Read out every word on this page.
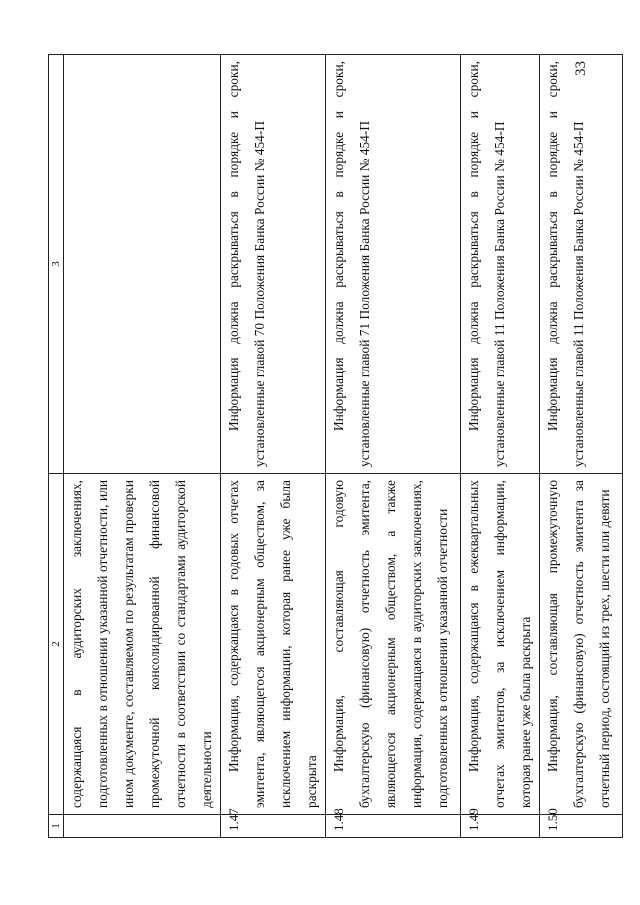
33
1	2	3
	содержащаяся в аудиторских заключениях, подготовленных в отношении указанной отчетности, или ином документе, составляемом по результатам проверки промежуточной консолидированной финансовой отчетности в соответствии со стандартами аудиторской деятельности	
1.47	Информация, содержащаяся в годовых отчетах эмитента, являющегося акционерным обществом, за исключением информации, которая ранее уже была раскрыта	Информация должна раскрываться в порядке и сроки, установленные главой 70 Положения Банка России № 454-П
1.48	Информация, составляющая годовую бухгалтерскую (финансовую) отчетность эмитента, являющегося акционерным обществом, а также информация, содержащаяся в аудиторских заключениях, подготовленных в отношении указанной отчетности	Информация должна раскрываться в порядке и сроки, установленные главой 71 Положения Банка России № 454-П
1.49	Информация, содержащаяся в ежеквартальных отчетах эмитентов, за исключением информации, которая ранее уже была раскрыта	Информация должна раскрываться в порядке и сроки, установленные главой 11 Положения Банка России № 454-П
1.50	Информация, составляющая промежуточную бухгалтерскую (финансовую) отчетность эмитента за отчетный период, состоящий из трех, шести или девяти	Информация должна раскрываться в порядке и сроки, установленные главой 11 Положения Банка России № 454-П
